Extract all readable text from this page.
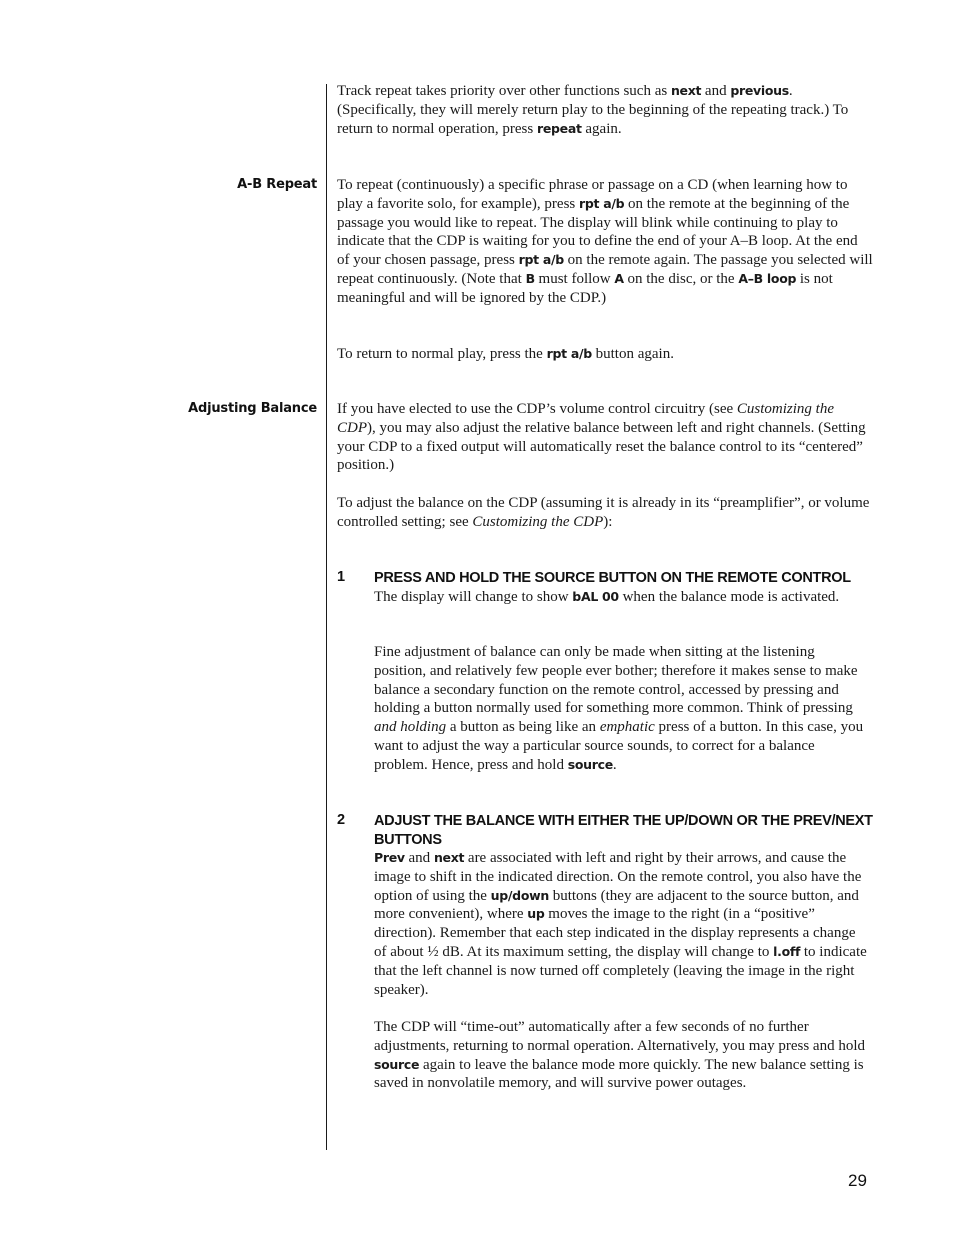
Track repeat takes priority over other functions such as next and previous. (Specifically, they will merely return play to the beginning of the repeating track.) To return to normal operation, press repeat again.

A-B Repeat To repeat (continuously) a specific phrase or passage on a CD (when learning how to play a favorite solo, for example), press rpt a/b on the remote at the beginning of the passage you would like to repeat. The display will blink while continuing to play to indicate that the CDP is waiting for you to define the end of your A–B loop. At the end of your chosen passage, press rpt a/b on the remote again. The passage you selected will repeat continuously. (Note that B must follow A on the disc, or the A–B loop is not meaningful and will be ignored by the CDP.)

To return to normal play, press the rpt a/b button again.

Adjusting Balance If you have elected to use the CDP’s volume control circuitry (see Customizing the CDP), you may also adjust the relative balance between left and right channels. (Setting your CDP to a fixed output will automatically reset the balance control to its “centered” position.)

To adjust the balance on the CDP (assuming it is already in its “preamplifier”, or volume controlled setting; see Customizing the CDP):

1 PRESS AND HOLD THE SOURCE BUTTON ON THE REMOTE CONTROL

The display will change to show bAL 00 when the balance mode is activated.

Fine adjustment of balance can only be made when sitting at the listening position, and relatively few people ever bother; therefore it makes sense to make balance a secondary function on the remote control, accessed by pressing and holding a button normally used for something more common. Think of pressing and holding a button as being like an emphatic press of a button. In this case, you want to adjust the way a particular source sounds, to correct for a balance problem. Hence, press and hold source.

2 ADJUST THE BALANCE WITH EITHER THE UP/DOWN OR THE PREV/NEXT BUTTONS

Prev and next are associated with left and right by their arrows, and cause the image to shift in the indicated direction. On the remote control, you also have the option of using the up/down buttons (they are adjacent to the source button, and more convenient), where up moves the image to the right (in a “positive” direction). Remember that each step indicated in the display represents a change of about ½ dB. At its maximum setting, the display will change to l.off to indicate that the left channel is now turned off completely (leaving the image in the right speaker).

The CDP will “time-out” automatically after a few seconds of no further adjustments, returning to normal operation. Alternatively, you may press and hold source again to leave the balance mode more quickly. The new balance setting is saved in nonvolatile memory, and will survive power outages.

29
